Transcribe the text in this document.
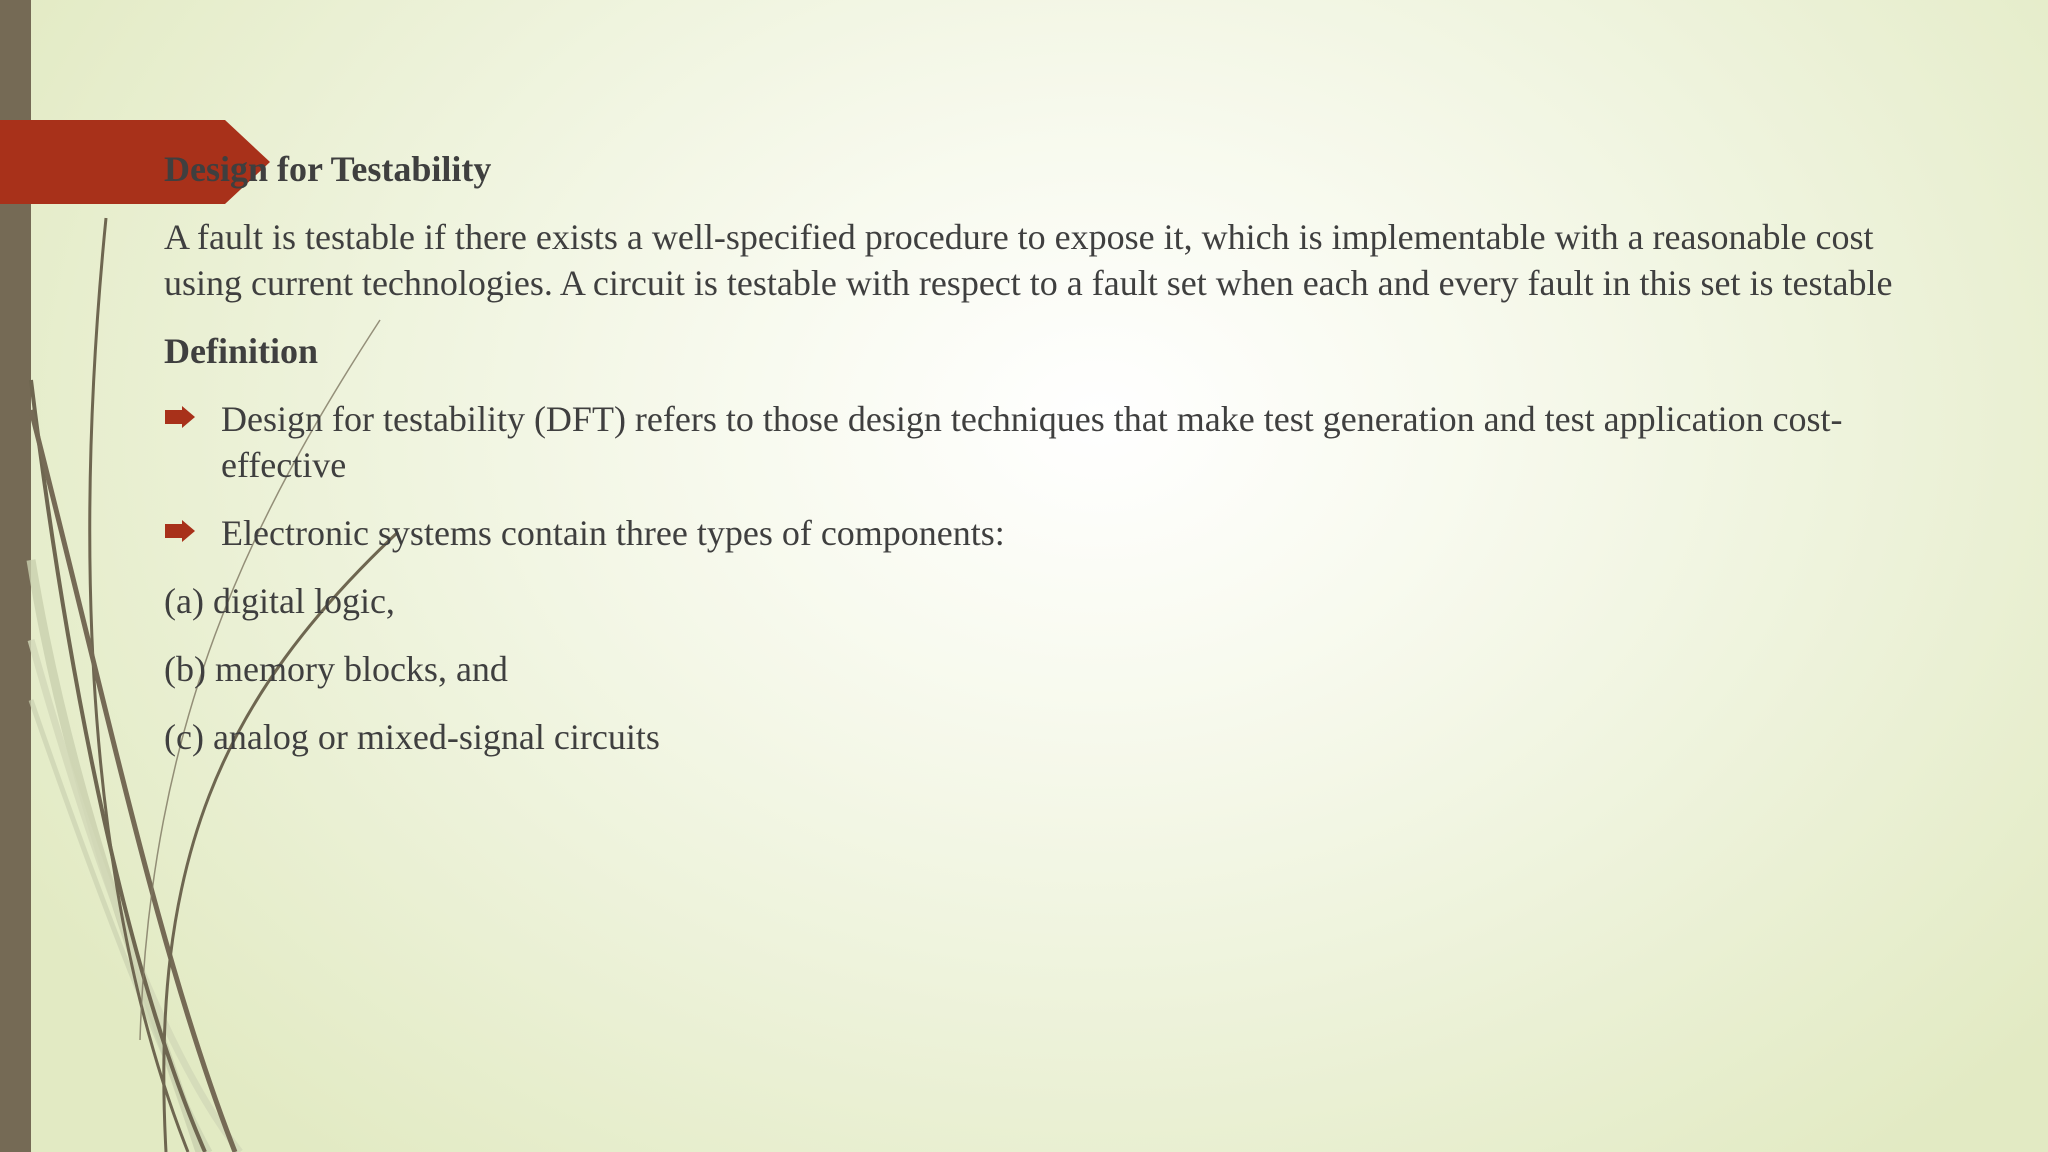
Design for Testability
A fault is testable if there exists a well-specified procedure to expose it, which is implementable with a reasonable cost using current technologies. A circuit is testable with respect to a fault set when each and every fault in this set is testable
Definition
Design for testability (DFT) refers to those design techniques that make test generation and test application cost-effective
Electronic systems contain three types of components:
(a) digital logic,
(b) memory blocks, and
(c) analog or mixed-signal circuits
